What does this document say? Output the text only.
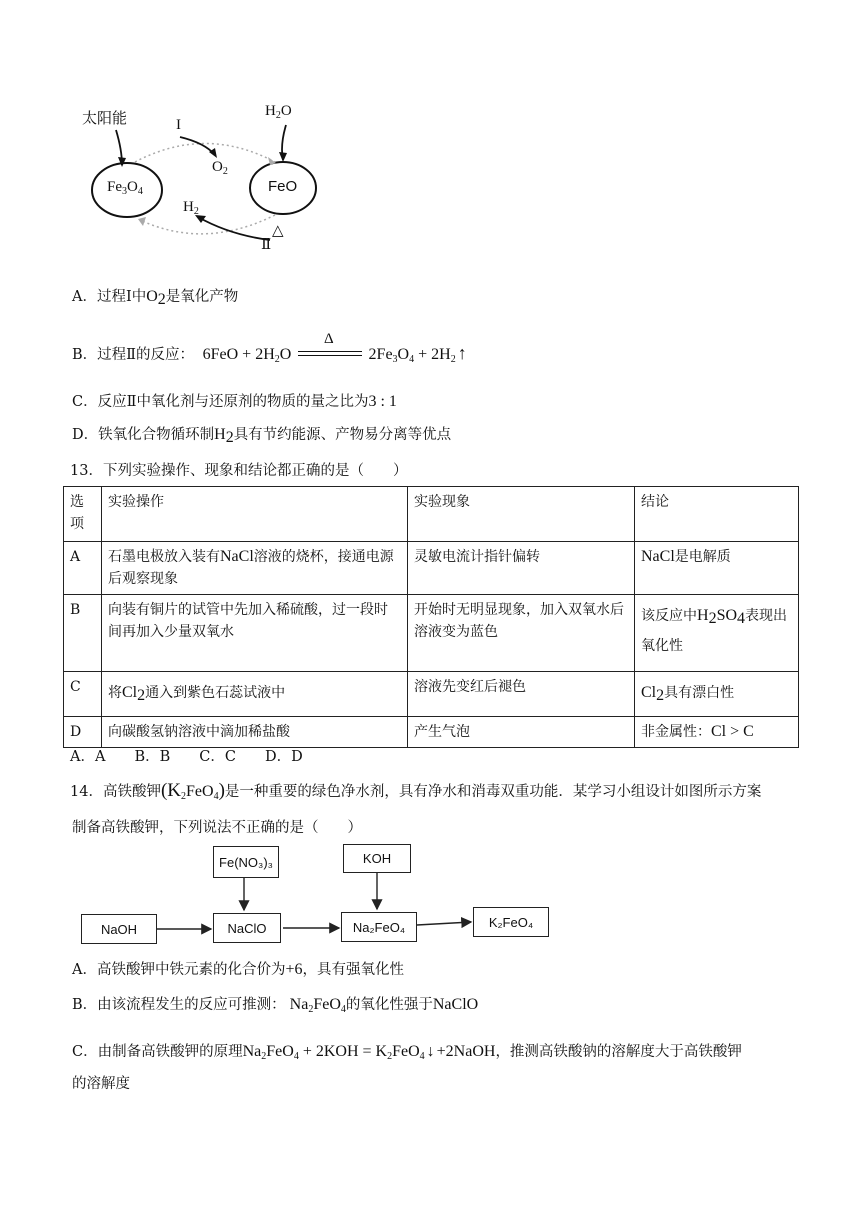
太阳能	I
$O_2$
$H_2O$
$Fe_3O_4$	FeO
$H_2$
△
Ⅱ
A．过程Ⅰ中$O_2$是氧化产物
B．过程Ⅱ的反应： $6FeO + 2H_2O$
Δ
$2Fe_3O_4 + 2H_2$ ↑
C．反应Ⅱ中氧化剂与还原剂的物质的量之比为3 : 1
D．铁氧化合物循环制$H_2$具有节约能源、产物易分离等优点
13．下列实验操作、现象和结论都正确的是（　　）
选项	实验操作	实验现象	结论
A	石墨电极放入装有NaCl溶液的烧杯，接通电源后观察现象	灵敏电流计指针偏转	NaCl是电解质
B	向装有铜片的试管中先加入稀硫酸，过一段时间再加入少量双氧水	开始时无明显现象，加入双氧水后溶液变为蓝色	该反应中$H_2SO_4$表现出氧化性
C	将$Cl_2$通入到紫色石蕊试液中	溶液先变红后褪色	$Cl_2$具有漂白性
D	向碳酸氢钠溶液中滴加稀盐酸	产生气泡	非金属性：Cl > C
A．A　　B．B　　C．C　　D．D
14．高铁酸钾$(K_2FeO_4)$是一种重要的绿色净水剂，具有净水和消毒双重功能．某学习小组设计如图所示方案
制备高铁酸钾，下列说法不正确的是（　　）
Fe(NO₃)₃	KOH
NaOH	NaClO	Na₂FeO₄	K₂FeO₄
A．高铁酸钾中铁元素的化合价为+6，具有强氧化性
B．由该流程发生的反应可推测： $Na_2FeO_4$的氧化性强于NaClO
C．由制备高铁酸钾的原理$Na_2FeO_4 + 2KOH = K_2FeO_4$ ↓ +2NaOH，推测高铁酸钠的溶解度大于高铁酸钾
的溶解度
